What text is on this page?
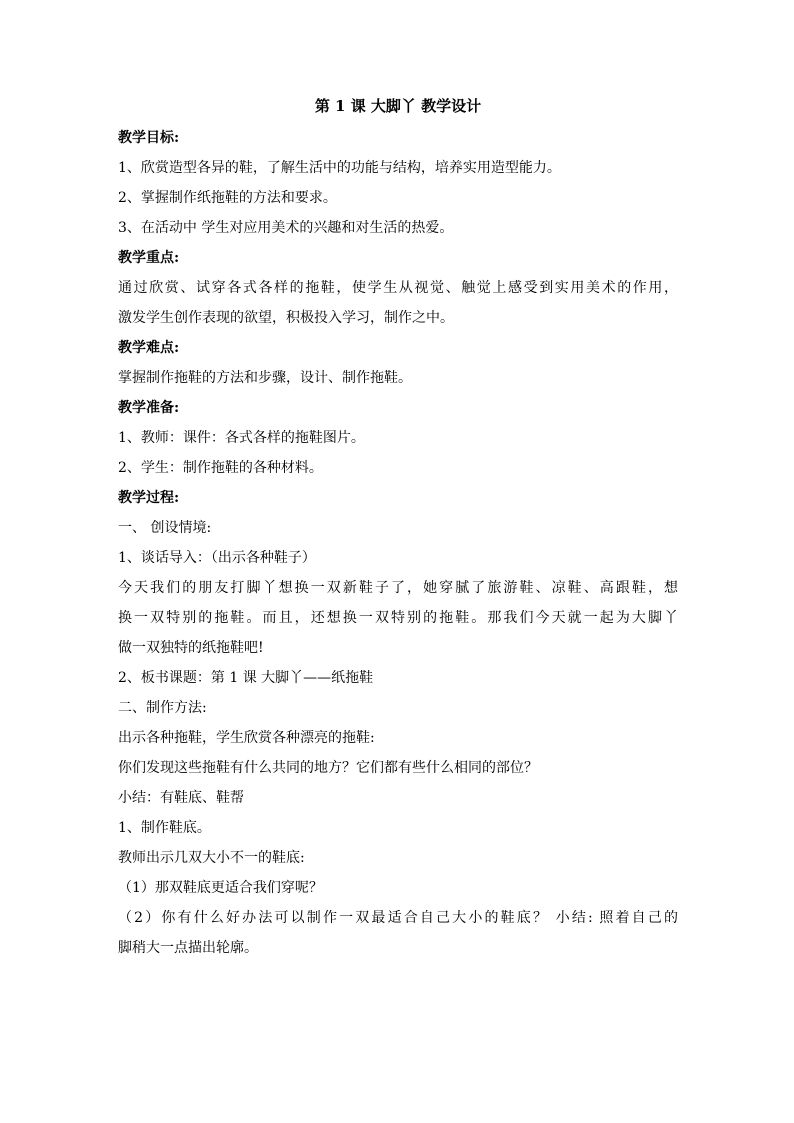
第 1 课 大脚丫 教学设计
教学目标:
1、欣赏造型各异的鞋，了解生活中的功能与结构，培养实用造型能力。
2、掌握制作纸拖鞋的方法和要求。
3、在活动中 学生对应用美术的兴趣和对生活的热爱。
教学重点:
通过欣赏、试穿各式各样的拖鞋，使学生从视觉、触觉上感受到实用美术的作用，
激发学生创作表现的欲望，积极投入学习，制作之中。
教学难点:
掌握制作拖鞋的方法和步骤，设计、制作拖鞋。
教学准备:
1、教师：课件：各式各样的拖鞋图片。
2、学生：制作拖鞋的各种材料。
教学过程:
一、 创设情境:
1、谈话导入：（出示各种鞋子）
今天我们的朋友打脚丫想换一双新鞋子了，她穿腻了旅游鞋、凉鞋、高跟鞋，想
换一双特别的拖鞋。而且，还想换一双特别的拖鞋。那我们今天就一起为大脚丫
做一双独特的纸拖鞋吧!
2、板书课题：第 1 课 大脚丫——纸拖鞋
二、制作方法:
出示各种拖鞋，学生欣赏各种漂亮的拖鞋:
你们发现这些拖鞋有什么共同的地方？它们都有些什么相同的部位？
小结：有鞋底、鞋帮
1、制作鞋底。
教师出示几双大小不一的鞋底:
（1）那双鞋底更适合我们穿呢？
（2）你有什么好办法可以制作一双最适合自己大小的鞋底？ 小结: 照着自己的
脚稍大一点描出轮廓。
